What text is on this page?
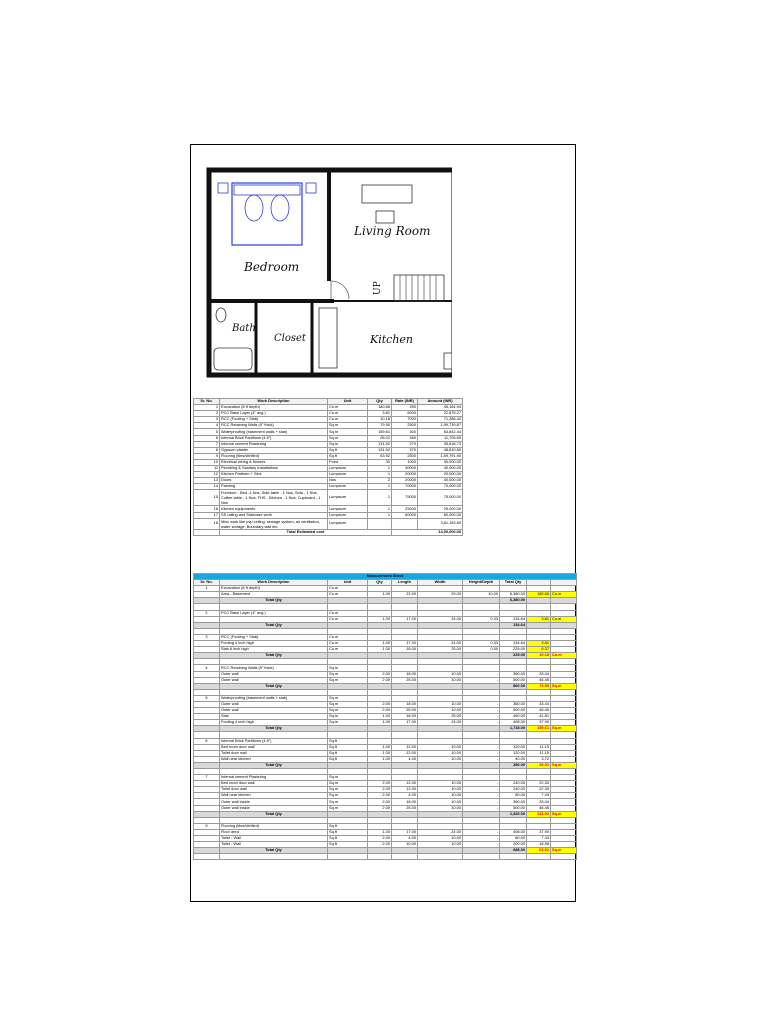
Living Room
Bedroom
Bath
Closet	Kitchen
UP
Sr. No.	Work Description	Unit	Qty	Rate (INR)	Amount (INR)
1	Excavation (8 ft depth)	Cu.m	180.66	250	45,164.94
2	PCC Base Layer (4" avg.)	Cu.m	3.81	6000	22,875.27
3	RCC (Footing + Slab)	Cu.m	10.18	7000	71,286.42
4	RCC Retaining Walls (9" thick)	Sq.m	79.90	2500	1,99,739.87
5	Waterproofing (basement walls + slab)	Sq.m	159.61	400	63,842.44
6	Internal Brick Partitions (4.5")	Sq.m	26.01	450	11,705.69
7	Internal cement Plastering	Sq.m	131.92	270	35,618.73
8	Gypsum plaster	Sq.ft	131.92	370	48,810.85
9	Flooring (tiles/vitrified)	Sq.ft	63.92	2500	1,59,791.90
10	Electrical wiring & fixtures	Point	30	1000	30,000.00
11	Plumbing & Sanitary Installations	Lumpsum	1	40000	40,000.00
12	Kitchen Platform + Sink	Lumpsum	1	20000	20,000.00
13	Doors	Nos	2	20000	40,000.00
14	Painting	Lumpsum	1	70000	70,000.00
15	Furniture - Bed -1 Nos, Side-table - 1 Nos, Sofa - 1 Nos, Coffee table - 1 Nos, FHS - Kitchen - 1 Nos, Cupboard - 1 Nos	Lumpsum	1	75000	75,000.00
16	Kitchen equipments	Lumpsum	1	25000	25,000.00
17	SS railing and Staircase work	Lumpsum	1	60000	60,000.00
18	Misc work like pvp ceiling, sewage system, air ventilation, water storage, Boundary wall etc.	Lumpsum			3,81,163.89
	Total Estimated cost			14,00,000.00	
Measurement Sheet									
Sr. No.	Work Description	Unit	Qty	Length	Width	Height/Depth	Total Qty		
1	Excavation (8 ft depth)	Cu.m							
	Area - Basement	Cu.m	1.00	22.00	29.00	10.00	6,380.00	180.66	Cu.m
	Total Qty						6,380.00		

2	PCC Base Layer (4" avg.)	Cu.m							
		Cu.m	1.00	17.00	24.00	0.33	134.64	3.81	Cu.m
	Total Qty						134.64		

3	RCC (Footing + Slab)	Cu.m							
	Footing 4 inch high	Cu.m	1.00	17.00	24.00	0.33	134.64	3.81	
	Slab 6 inch high	Cu.m	1.00	18.00	25.00	0.50	225.00	6.37	
	Total Qty						225.00	10.18	Cu.m

4	RCC Retaining Walls (9" thick)	Sq.m							
	Outer wall	Sq.m	2.00	18.00	10.00	-	360.00	33.44	
	Outer wall	Sq.m	2.00	25.00	10.00	-	500.00	46.45	
	Total Qty						860.00	79.90	Sq.m

5	Waterproofing (basement walls + slab)	Sq.m							
	Outer wall	Sq.m	2.00	18.00	10.00	-	360.00	33.44	
	Outer wall	Sq.m	2.00	25.00	10.00	-	500.00	46.45	
	Slab	Sq.m	1.00	18.00	25.00	-	450.00	41.81	
	Footing 4 inch high	Sq.m	1.00	17.00	24.00	-	408.00	37.90	
	Total Qty						1,718.00	159.61	Sq.m

6	Internal Brick Partitions (4.5")	Sq.ft							
	Bed room door wall	Sq.ft	1.00	12.00	10.00	-	120.00	11.15	
	Toilet door wall	Sq.ft	1.00	12.00	10.00	-	120.00	11.15	
	Wall near kitchen	Sq.ft	1.00	4.00	10.00	-	40.00	3.72	
	Total Qty						280.00	26.01	Sq.m

7	Internal cement Plastering	Sq.m							
	Bed room door wall	Sq.m	2.00	12.00	10.00	-	240.00	22.30	
	Toilet door wall	Sq.m	2.00	12.00	10.00	-	240.00	22.30	
	Wall near kitchen	Sq.m	2.00	4.00	10.00	-	80.00	7.43	
	Outer wall inside	Sq.m	2.00	18.00	10.00	-	360.00	33.44	
	Outer wall inside	Sq.m	2.00	25.00	10.00	-	500.00	46.45	
	Total Qty						1,420.00	131.92	Sq.m

9	Flooring (tiles/vitrified)	Sq.ft							
	Floor area	Sq.ft	1.00	17.00	24.00	-	408.00	37.90	
	Toilet - Wall	Sq.ft	2.00	4.00	10.00	-	80.00	7.43	
	Toilet - Wall	Sq.ft	2.00	10.00	10.00	-	200.00	18.58	
	Total Qty						688.00	63.92	Sq.m
